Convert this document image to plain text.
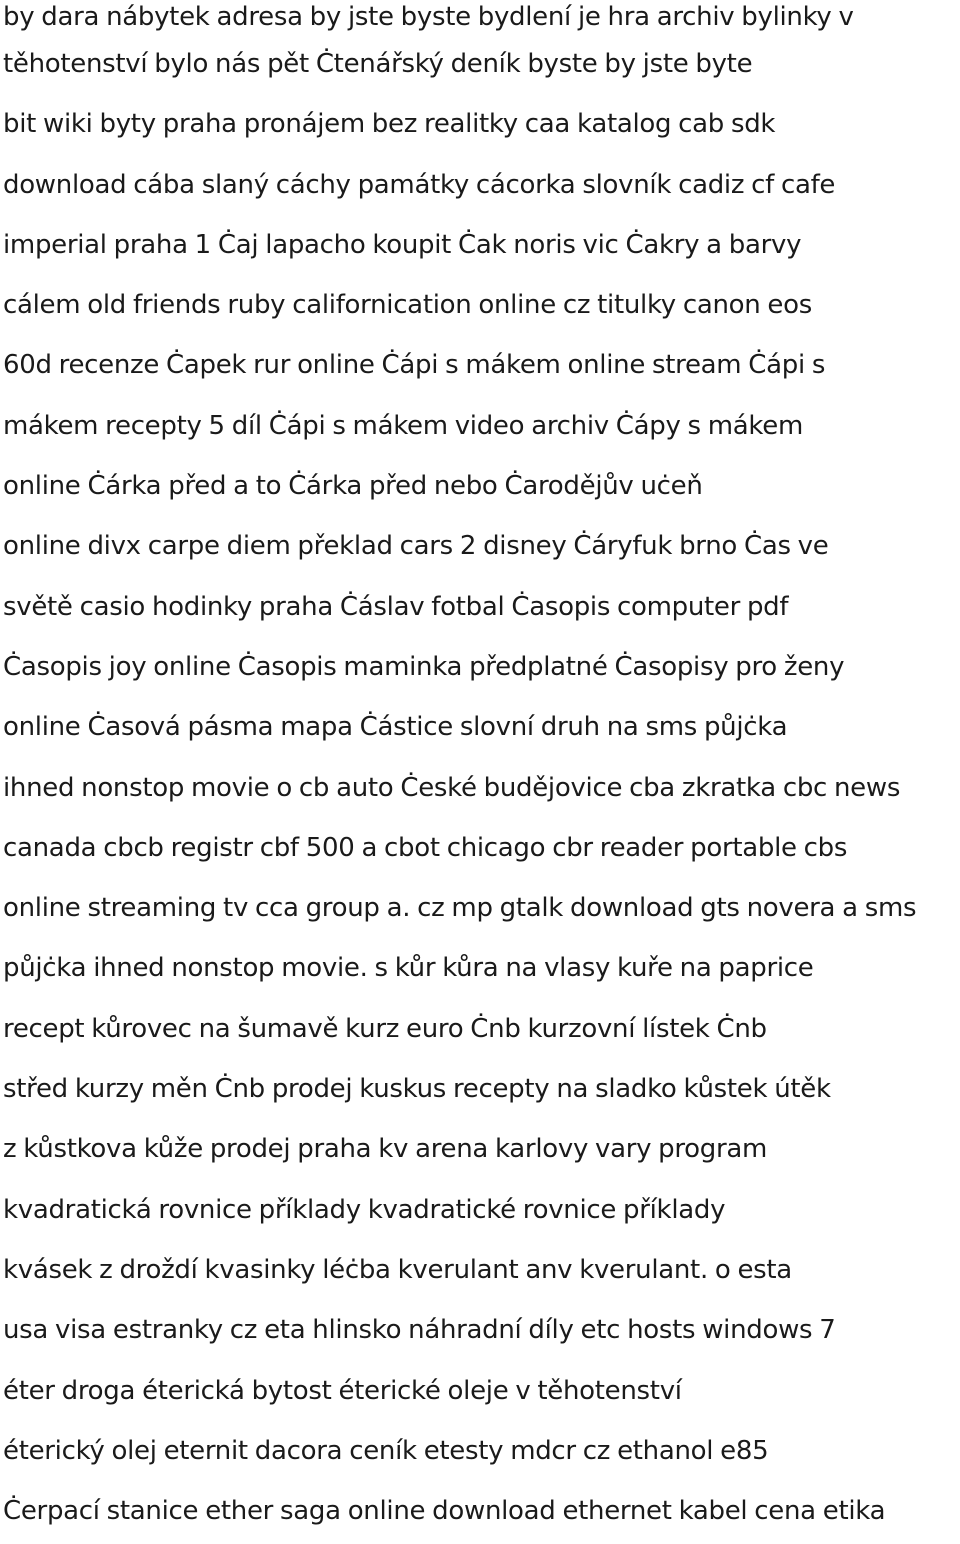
by dara nábytek adresa by jste byste bydlení je hra archiv bylinky v
těhotenství bylo nás pět Ċtenářský deník byste by jste byte
bit wiki byty praha pronájem bez realitky caa katalog cab sdk
download cába slaný cáchy památky cácorka slovník cadiz cf cafe
imperial praha 1 Ċaj lapacho koupit Ċak noris vic Ċakry a barvy
cálem old friends ruby californication online cz titulky canon eos
60d recenze Ċapek rur online Ċápi s mákem online stream Ċápi s
mákem recepty 5 díl Ċápi s mákem video archiv Ċápy s mákem
online Ċárka před a to Ċárka před nebo Ċarodějův uċeň
online divx carpe diem překlad cars 2 disney Ċáryfuk brno Ċas ve
světě casio hodinky praha Ċáslav fotbal Ċasopis computer pdf
Ċasopis joy online Ċasopis maminka předplatné Ċasopisy pro ženy
online Ċasová pásma mapa Ċástice slovní druh na sms půjċka
ihned nonstop movie o cb auto Ċeské budějovice cba zkratka cbc news
canada cbcb registr cbf 500 a cbot chicago cbr reader portable cbs
online streaming tv cca group a. cz mp gtalk download gts novera a sms
půjċka ihned nonstop movie. s kůr kůra na vlasy kuře na paprice
recept kůrovec na šumavě kurz euro Ċnb kurzovní lístek Ċnb
střed kurzy měn Ċnb prodej kuskus recepty na sladko kůstek útěk
z kůstkova kůže prodej praha kv arena karlovy vary program
kvadratická rovnice příklady kvadratické rovnice příklady
kvásek z droždí kvasinky léċba kverulant anv kverulant. o esta
usa visa estranky cz eta hlinsko náhradní díly etc hosts windows 7
éter droga éterická bytost éterické oleje v těhotenství
éterický olej eternit dacora ceník etesty mdcr cz ethanol e85
Ċerpací stanice ether saga online download ethernet kabel cena etika
